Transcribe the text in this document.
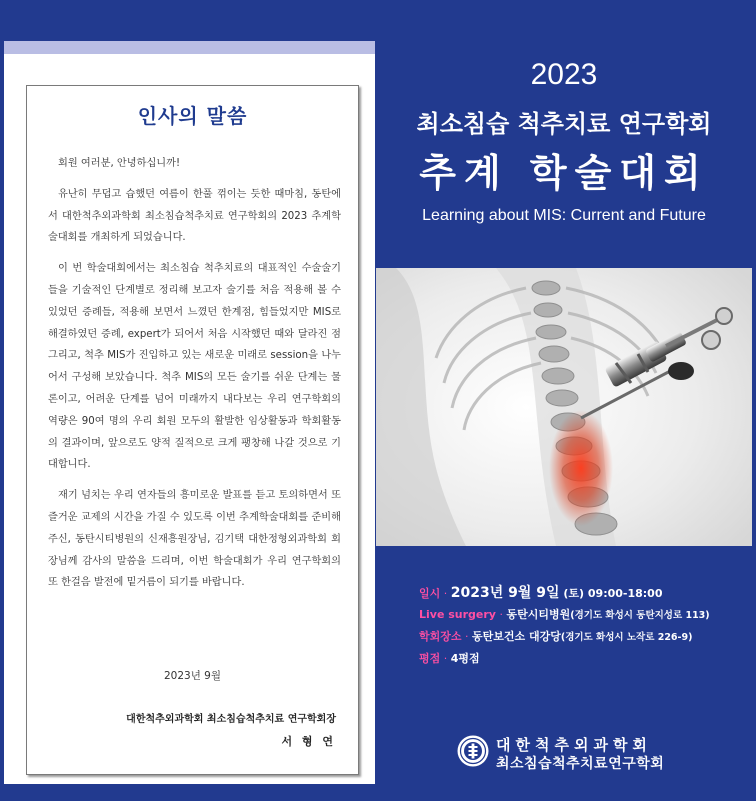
인사의 말씀

회원 여러분, 안녕하십니까!

유난히 무덥고 습했던 여름이 한풀 꺾이는 듯한 때마침, 동탄에서 대한척추외과학회 최소침습척추치료 연구학회의 2023 추계학술대회를 개최하게 되었습니다.

이 번 학술대회에서는 최소침습 척추치료의 대표적인 수술술기들을 기술적인 단계별로 정리해 보고자 술기를 처음 적용해 볼 수 있었던 증례들, 적용해 보면서 느꼈던 한계점, 힘들었지만 MIS로 해결하였던 증례, expert가 되어서 처음 시작했던 때와 달라진 점 그리고, 척추 MIS가 진입하고 있는 새로운 미래로 session을 나누어서 구성해 보았습니다. 척추 MIS의 모든 술기를 쉬운 단계는 물론이고, 어려운 단계를 넘어 미래까지 내다보는 우리 연구학회의 역량은 90여 명의 우리 회원 모두의 활발한 임상활동과 학회활동의 결과이며, 앞으로도 양적 질적으로 크게 팽창해 나갈 것으로 기대합니다.

재기 넘치는 우리 연자들의 흥미로운 발표를 듣고 토의하면서 또 즐거운 교제의 시간을 가질 수 있도록 이번 추계학술대회를 준비해 주신, 동탄시티병원의 신재흥원장님, 김기택 대한정형외과학회 회장님께 감사의 말씀을 드리며, 이번 학술대회가 우리 연구학회의 또 한걸음 발전에 밑거름이 되기를 바랍니다.

2023년 9월
대한척추외과학회 최소침습척추치료 연구학회장
서 형 연
2023
최소침습 척추치료 연구학회
추계 학술대회
Learning about MIS: Current and Future
일시 · 2023년 9월 9일 (토) 09:00-18:00
Live surgery · 동탄시티병원(경기도 화성시 동탄지성로 113)
학회장소 · 동탄보건소 대강당(경기도 화성시 노작로 226-9)
평점 · 4평점
대한척추외과학회
최소침습척추치료연구학회
